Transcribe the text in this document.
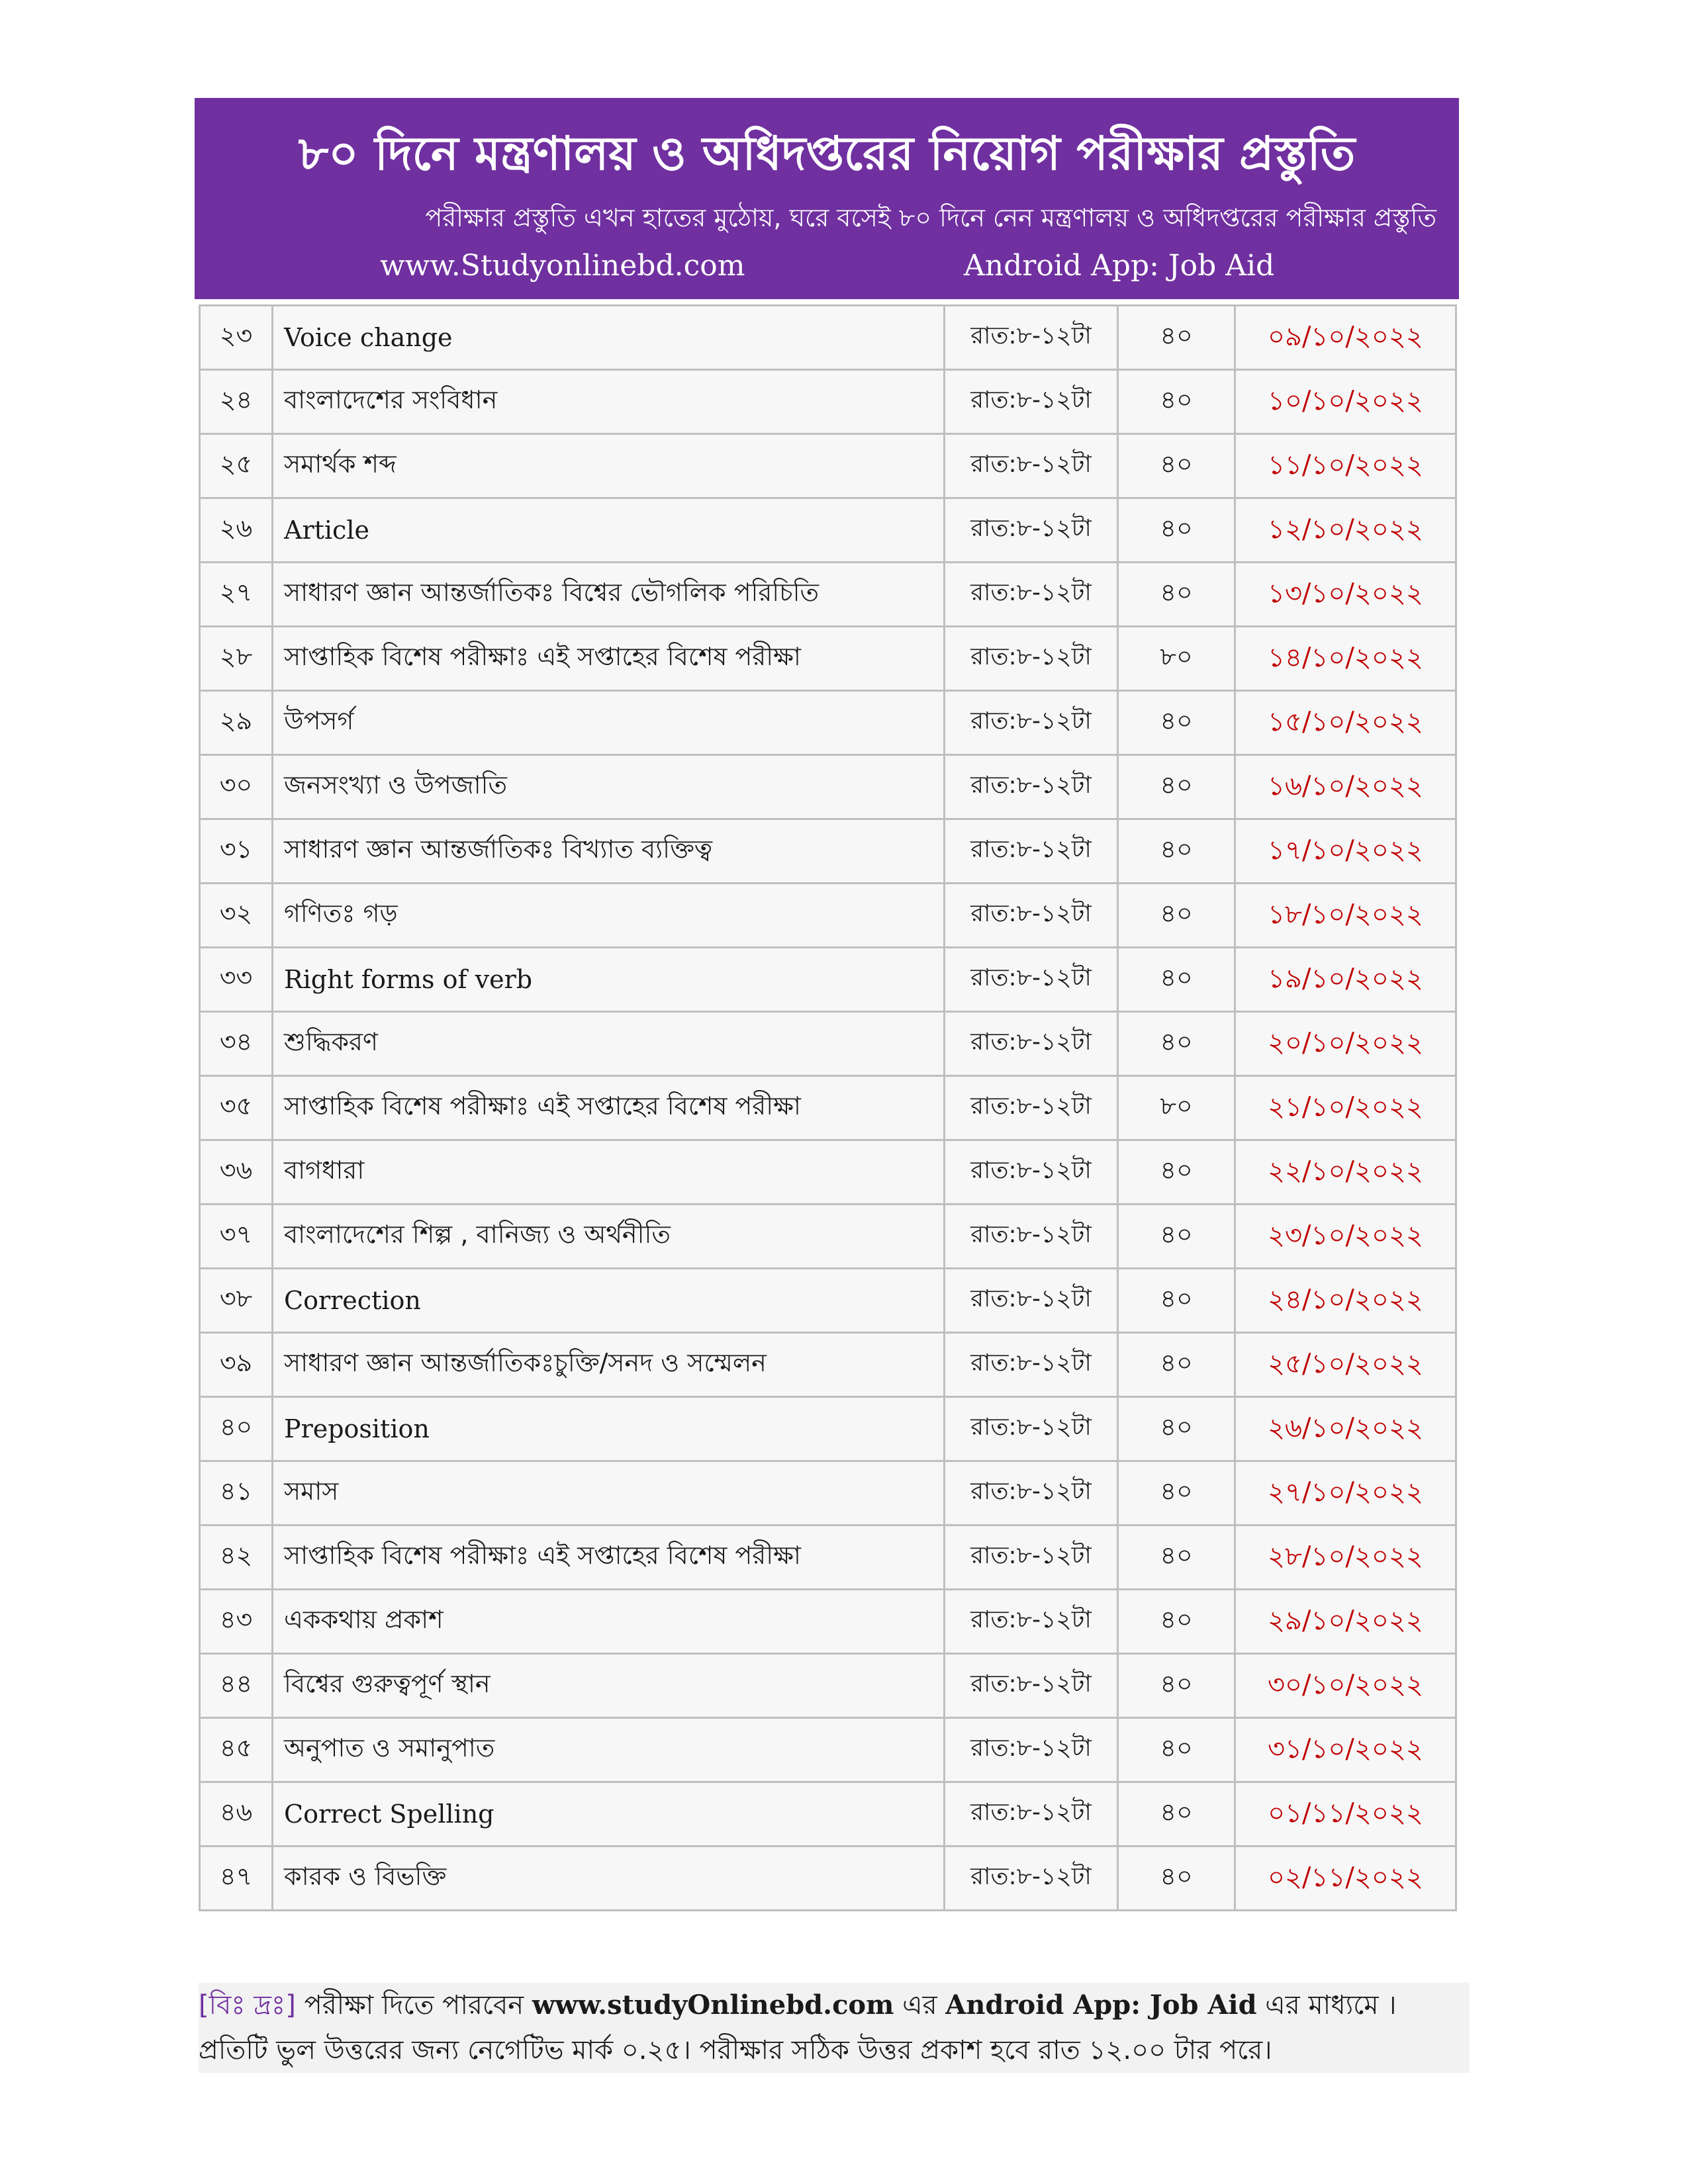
৮০ দিনে মন্ত্রণালয় ও অধিদপ্তরের নিয়োগ পরীক্ষার প্রস্তুতি
পরীক্ষার প্রস্তুতি এখন হাতের মুঠোয়, ঘরে বসেই ৮০ দিনে নেন মন্ত্রণালয় ও অধিদপ্তরের পরীক্ষার প্রস্তুতি
www.Studyonlinebd.com	Android App: Job Aid
২৩	Voice change	রাত:৮-১২টা	৪০	০৯/১০/২০২২
২৪	বাংলাদেশের সংবিধান	রাত:৮-১২টা	৪০	১০/১০/২০২২
২৫	সমার্থক শব্দ	রাত:৮-১২টা	৪০	১১/১০/২০২২
২৬	Article	রাত:৮-১২টা	৪০	১২/১০/২০২২
২৭	সাধারণ জ্ঞান আন্তর্জাতিকঃ বিশ্বের ভৌগলিক পরিচিতি	রাত:৮-১২টা	৪০	১৩/১০/২০২২
২৮	সাপ্তাহিক বিশেষ পরীক্ষাঃ এই সপ্তাহের বিশেষ পরীক্ষা	রাত:৮-১২টা	৮০	১৪/১০/২০২২
২৯	উপসর্গ	রাত:৮-১২টা	৪০	১৫/১০/২০২২
৩০	জনসংখ্যা ও উপজাতি	রাত:৮-১২টা	৪০	১৬/১০/২০২২
৩১	সাধারণ জ্ঞান আন্তর্জাতিকঃ বিখ্যাত ব্যক্তিত্ব	রাত:৮-১২টা	৪০	১৭/১০/২০২২
৩২	গণিতঃ গড়	রাত:৮-১২টা	৪০	১৮/১০/২০২২
৩৩	Right forms of verb	রাত:৮-১২টা	৪০	১৯/১০/২০২২
৩৪	শুদ্ধিকরণ	রাত:৮-১২টা	৪০	২০/১০/২০২২
৩৫	সাপ্তাহিক বিশেষ পরীক্ষাঃ এই সপ্তাহের বিশেষ পরীক্ষা	রাত:৮-১২টা	৮০	২১/১০/২০২২
৩৬	বাগধারা	রাত:৮-১২টা	৪০	২২/১০/২০২২
৩৭	বাংলাদেশের শিল্প , বানিজ্য ও অর্থনীতি	রাত:৮-১২টা	৪০	২৩/১০/২০২২
৩৮	Correction	রাত:৮-১২টা	৪০	২৪/১০/২০২২
৩৯	সাধারণ জ্ঞান আন্তর্জাতিকঃচুক্তি/সনদ ও সম্মেলন	রাত:৮-১২টা	৪০	২৫/১০/২০২২
৪০	Preposition	রাত:৮-১২টা	৪০	২৬/১০/২০২২
৪১	সমাস	রাত:৮-১২টা	৪০	২৭/১০/২০২২
৪২	সাপ্তাহিক বিশেষ পরীক্ষাঃ এই সপ্তাহের বিশেষ পরীক্ষা	রাত:৮-১২টা	৪০	২৮/১০/২০২২
৪৩	এককথায় প্রকাশ	রাত:৮-১২টা	৪০	২৯/১০/২০২২
৪৪	বিশ্বের গুরুত্বপূর্ণ স্থান	রাত:৮-১২টা	৪০	৩০/১০/২০২২
৪৫	অনুপাত ও সমানুপাত	রাত:৮-১২টা	৪০	৩১/১০/২০২২
৪৬	Correct Spelling	রাত:৮-১২টা	৪০	০১/১১/২০২২
৪৭	কারক ও বিভক্তি	রাত:৮-১২টা	৪০	০২/১১/২০২২
[বিঃ দ্রঃ] পরীক্ষা দিতে পারবেন www.studyOnlinebd.com এর Android App: Job Aid এর মাধ্যমে । প্রতিটি ভুল উত্তরের জন্য নেগেটিভ মার্ক ০.২৫। পরীক্ষার সঠিক উত্তর প্রকাশ হবে রাত ১২.০০ টার পরে।
